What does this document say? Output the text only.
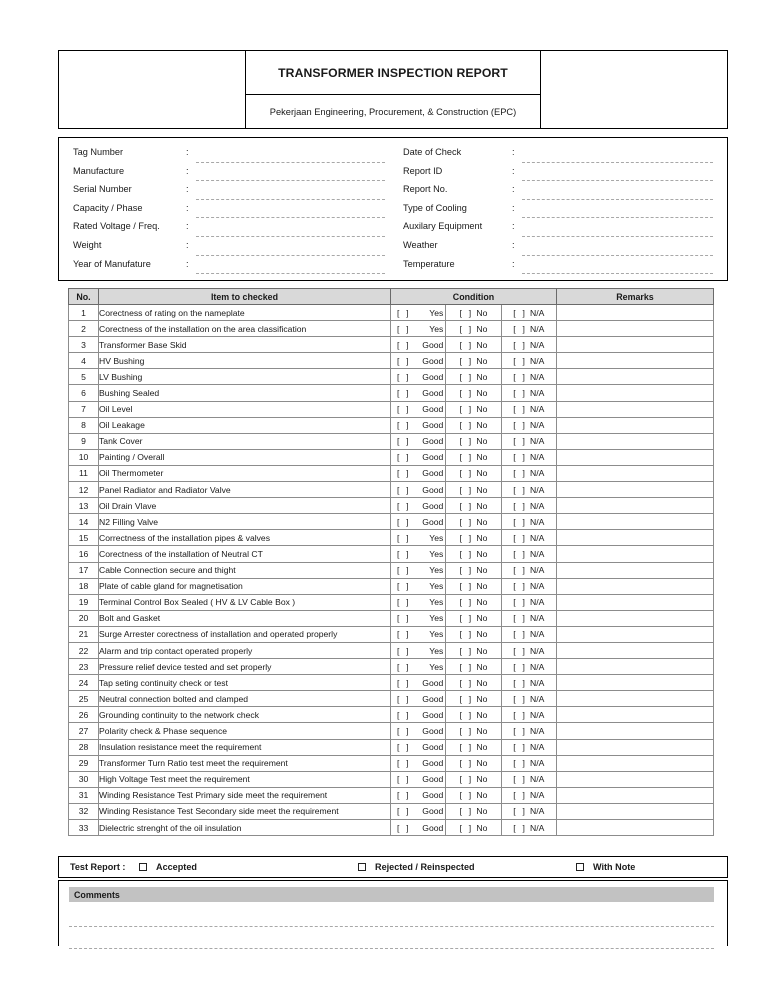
TRANSFORMER INSPECTION REPORT
Pekerjaan Engineering, Procurement, & Construction (EPC)
Tag Number	:
Manufacture	:
Serial Number	:
Capacity / Phase	:
Rated Voltage / Freq.	:
Weight	:
Year of Manufature	:
Date of Check	:
Report ID	:
Report No.	:
Type of Cooling	:
Auxilary Equipment	:
Weather	:
Temperature	:
No.	Item to checked	Condition			Remarks
1	Corectness of rating on the nameplate	[ ] Yes	[ ] No	[ ] N/A	

2	Corectness of the installation on the area classification	[ ] Yes	[ ] No	[ ] N/A	

3	Transformer Base Skid	[ ] Good	[ ] No	[ ] N/A	

4	HV Bushing	[ ] Good	[ ] No	[ ] N/A	

5	LV Bushing	[ ] Good	[ ] No	[ ] N/A	

6	Bushing Sealed	[ ] Good	[ ] No	[ ] N/A	

7	Oil Level	[ ] Good	[ ] No	[ ] N/A	

8	Oil Leakage	[ ] Good	[ ] No	[ ] N/A	

9	Tank Cover	[ ] Good	[ ] No	[ ] N/A	

10	Painting / Overall	[ ] Good	[ ] No	[ ] N/A	

11	Oil Thermometer	[ ] Good	[ ] No	[ ] N/A	

12	Panel Radiator and Radiator Valve	[ ] Good	[ ] No	[ ] N/A	

13	Oil Drain Vlave	[ ] Good	[ ] No	[ ] N/A	

14	N2 Filling Valve	[ ] Good	[ ] No	[ ] N/A	

15	Correctness of the installation pipes & valves	[ ] Yes	[ ] No	[ ] N/A	

16	Corectness of the installation of Neutral CT	[ ] Yes	[ ] No	[ ] N/A	

17	Cable Connection secure and thight	[ ] Yes	[ ] No	[ ] N/A	

18	Plate of cable gland for magnetisation	[ ] Yes	[ ] No	[ ] N/A	

19	Terminal Control Box Sealed ( HV & LV Cable Box )	[ ] Yes	[ ] No	[ ] N/A	

20	Bolt and Gasket	[ ] Yes	[ ] No	[ ] N/A	

21	Surge Arrester corectness of installation and operated properly	[ ] Yes	[ ] No	[ ] N/A	

22	Alarm and trip contact operated properly	[ ] Yes	[ ] No	[ ] N/A	

23	Pressure relief device tested and set properly	[ ] Yes	[ ] No	[ ] N/A	

24	Tap seting continuity check or test	[ ] Good	[ ] No	[ ] N/A	

25	Neutral connection bolted and clamped	[ ] Good	[ ] No	[ ] N/A	

26	Grounding continuity to the network check	[ ] Good	[ ] No	[ ] N/A	

27	Polarity check & Phase sequence	[ ] Good	[ ] No	[ ] N/A	

28	Insulation resistance meet the requirement	[ ] Good	[ ] No	[ ] N/A	

29	Transformer Turn Ratio test meet the requirement	[ ] Good	[ ] No	[ ] N/A	

30	High Voltage Test meet the requirement	[ ] Good	[ ] No	[ ] N/A	

31	Winding Resistance Test Primary side meet the requirement	[ ] Good	[ ] No	[ ] N/A	

32	Winding Resistance Test Secondary side meet the requirement	[ ] Good	[ ] No	[ ] N/A	

33	Dielectric strenght of the oil insulation	[ ] Good	[ ] No	[ ] N/A	

Test Report :	Accepted	Rejected / Reinspected	With Note
Comments
